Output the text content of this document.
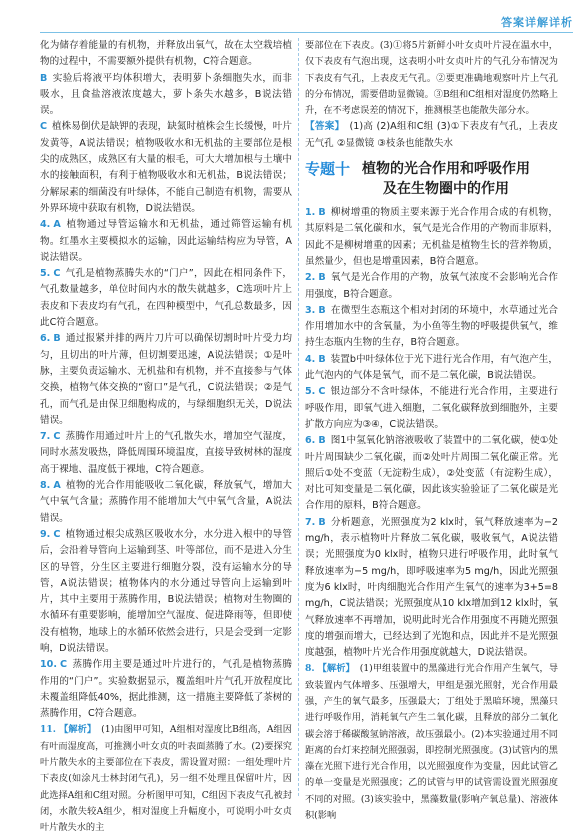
答案详解详析

化为储存着能量的有机物，并释放出氧气，故在太空栽培植物的过程中，不需要额外提供有机物，C符合题意。

B 实验后将液平均体积增大，表明萝卜条细胞失水，而非吸水，且食盐溶液浓度越大，萝卜条失水越多，B说法错误。

C 植株易倒伏是缺钾的表现，缺氮时植株会生长缓慢，叶片发黄等，A说法错误；植物吸收水和无机盐的主要部位是根尖的成熟区，成熟区有大量的根毛，可大大增加根与土壤中水的接触面积，有利于植物吸收水和无机盐，B说法错误；分解尿素的细菌没有叶绿体，不能自己制造有机物，需要从外界环境中获取有机物，D说法错误。

4. A 植物通过导管运输水和无机盐，通过筛管运输有机物。红墨水主要模拟水的运输，因此运输结构应为导管，A说法错误。

5. C 气孔是植物蒸腾失水的“门户”，因此在相同条件下，气孔数量越多，单位时间内水的散失就越多，C选项叶片上表皮和下表皮均有气孔，在四种模型中，气孔总数最多，因此C符合题意。

6. B 通过报紧并排的两片刀片可以确保切割时叶片受力均匀，且切出的叶片薄，但切割要迅速，A说法错误；①是叶脉，主要负责运输水、无机盐和有机物，并不直接参与气体交换，植物气体交换的“窗口”是气孔，C说法错误；②是气孔，而气孔是由保卫细胞构成的，与绿细胞织无关，D说法错误。

7. C 蒸腾作用通过叶片上的气孔散失水，增加空气湿度，同时水蒸发吸热，降低周围环境温度，直接导致树林的湿度高于裸地、温度低于裸地，C符合题意。

8. A 植物的光合作用能吸收二氧化碳，释放氧气，增加大气中氧气含量；蒸腾作用不能增加大气中氧气含量，A说法错误。

9. C 植物通过根尖成熟区吸收水分，水分进入根中的导管后，会沿着导管向上运输到茎、叶等部位，而不是进入分生区的导管，分生区主要进行细胞分裂，没有运输水分的导管，A说法错误；植物体内的水分通过导管向上运输到叶片，其中主要用于蒸腾作用，B说法错误；植物对生物圈的水循环有重要影响，能增加空气湿度、促进降雨等，但即使没有植物，地球上的水循环依然会进行，只是会受到一定影响，D说法错误。

10. C 蒸腾作用主要是通过叶片进行的，气孔是植物蒸腾作用的“门户”。实验数据显示，覆盖组叶片气孔开放程度比未覆盖组降低40%，据此推测，这一措施主要降低了茶树的蒸腾作用，C符合题意。

11. 【解析】 (1)由图甲可知，A组相对湿度比B组高，A组因有叶而湿度高，可推测小叶女贞的叶表面蒸腾了水。(2)要探究叶片散失水的主要部位在下表皮，需设置对照：一组处理叶片下表皮(如涂凡士林封闭气孔)，另一组不处理且保留叶片，因此选择A组和C组对照。分析图甲可知，C组因下表皮气孔被封闭，水散失较A组少，相对湿度上升幅度小，可说明小叶女贞叶片散失水的主

要部位在下表皮。(3)①将5片新鲜小叶女贞叶片浸在温水中，仅下表皮有气泡出现，这表明小叶女贞叶片的气孔分布情况为下表皮有气孔，上表皮无气孔。②要更准确地观察叶片上气孔的分布情况，需要借助显微镜。③B组和C组相对湿度仍然略上升，在不考虑误差的情况下，推测根茎也能散失部分水。

【答案】 (1)高 (2)A组和C组 (3)①下表皮有气孔，上表皮无气孔 ②显微镜 ③枝条也能散失水

专题十 植物的光合作用和呼吸作用
及在生物圈中的作用

1. B 柳树增重的物质主要来源于光合作用合成的有机物，其原料是二氧化碳和水，氧气是光合作用的产物而非原料，因此不是柳树增重的因素；无机盐是植物生长的营养物质，虽然量少，但也是增重因素，B符合题意。

2. B 氧气是光合作用的产物，放氧气浓度不会影响光合作用强度，B符合题意。

3. B 在微型生态瓶这个相对封闭的环境中，水草通过光合作用增加水中的含氧量，为小鱼等生物的呼吸提供氧气，维持生态瓶内生物的生存，B符合题意。

4. B 装置b中叶绿体位于光下进行光合作用，有气泡产生，此气泡内的气体是氧气，而不是二氧化碳，B说法错误。

5. C 银边部分不含叶绿体，不能进行光合作用，主要进行呼吸作用，即氧气进入细胞，二氧化碳释放到细胞外，主要扩散方向应为③④，C说法错误。

6. B 图1中氢氧化钠溶液吸收了装置中的二氧化碳，使①处叶片周围缺少二氧化碳，而②处叶片周围二氧化碳正常。光照后①处不变蓝（无淀粉生成），②处变蓝（有淀粉生成），对比可知变量是二氧化碳，因此该实验验证了二氧化碳是光合作用的原料，B符合题意。

7. B 分析题意，光照强度为2 klx时，氧气释放速率为−2 mg/h，表示植物叶片释放二氧化碳，吸收氧气，A说法错误；光照强度为0 klx时，植物只进行呼吸作用，此时氧气释放速率为−5 mg/h，即呼吸速率为5 mg/h，因此光照强度为6 klx时，叶肉细胞光合作用产生氧气的速率为3+5=8 mg/h，C说法错误；光照强度从10 klx增加到12 klx时，氧气释放速率不再增加，说明此时光合作用强度不再随光照强度的增强而增大，已经达到了光饱和点，因此并不是光照强度越强，植物叶片光合作用强度就越大，D说法错误。

8. 【解析】 (1)甲组装置中的黑藻进行光合作用产生氧气，导致装置内气体增多、压强增大，甲组是强光照射，光合作用最强，产生的氧气最多，压强最大；丁组处于黑暗环境，黑藻只进行呼吸作用，消耗氧气产生二氧化碳，且释放的部分二氧化碳会溶于稀碳酸氢钠溶液，故压强最小。(2)本实验通过用不同距离的台灯来控制光照强弱，即控制光照强度。(3)试管内的黑藻在光照下进行光合作用，以光照强度作为变量，因此试管乙的单一变量是光照强度；乙的试管与甲的试管需设置光照强度不同的对照。(3)该实验中，黑藻数量(影响产氧总量)、溶液体积(影响
